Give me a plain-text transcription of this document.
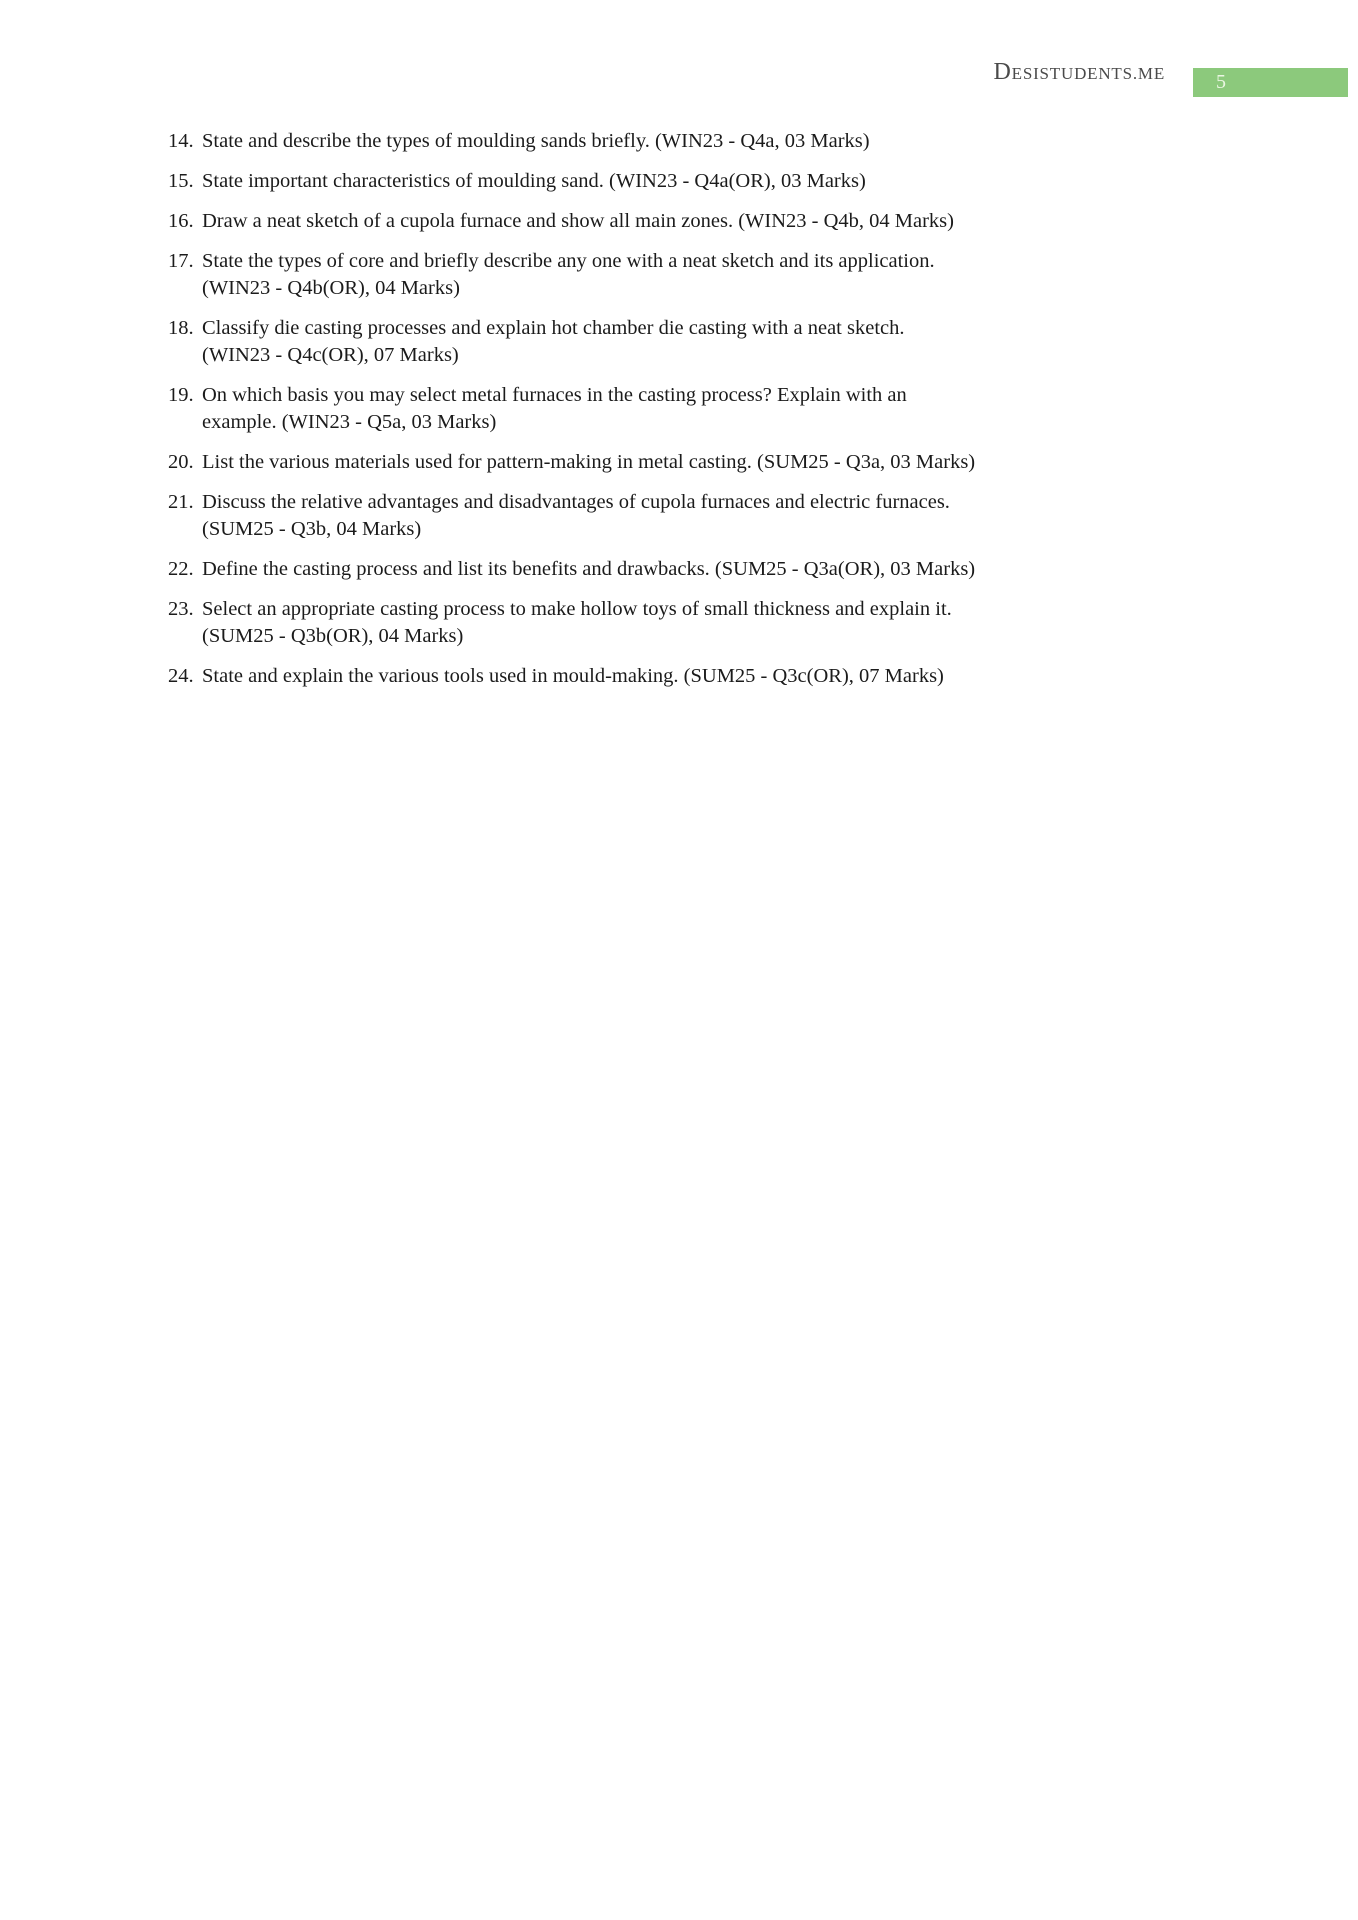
DESISTUDENTS.ME	5
14. State and describe the types of moulding sands briefly. (WIN23 - Q4a, 03 Marks)
15. State important characteristics of moulding sand. (WIN23 - Q4a(OR), 03 Marks)
16. Draw a neat sketch of a cupola furnace and show all main zones. (WIN23 - Q4b, 04 Marks)
17. State the types of core and briefly describe any one with a neat sketch and its application.
(WIN23 - Q4b(OR), 04 Marks)
18. Classify die casting processes and explain hot chamber die casting with a neat sketch.
(WIN23 - Q4c(OR), 07 Marks)
19. On which basis you may select metal furnaces in the casting process? Explain with an
example. (WIN23 - Q5a, 03 Marks)
20. List the various materials used for pattern-making in metal casting. (SUM25 - Q3a, 03 Marks)
21. Discuss the relative advantages and disadvantages of cupola furnaces and electric furnaces.
(SUM25 - Q3b, 04 Marks)
22. Define the casting process and list its benefits and drawbacks. (SUM25 - Q3a(OR), 03 Marks)
23. Select an appropriate casting process to make hollow toys of small thickness and explain it.
(SUM25 - Q3b(OR), 04 Marks)
24. State and explain the various tools used in mould-making. (SUM25 - Q3c(OR), 07 Marks)
